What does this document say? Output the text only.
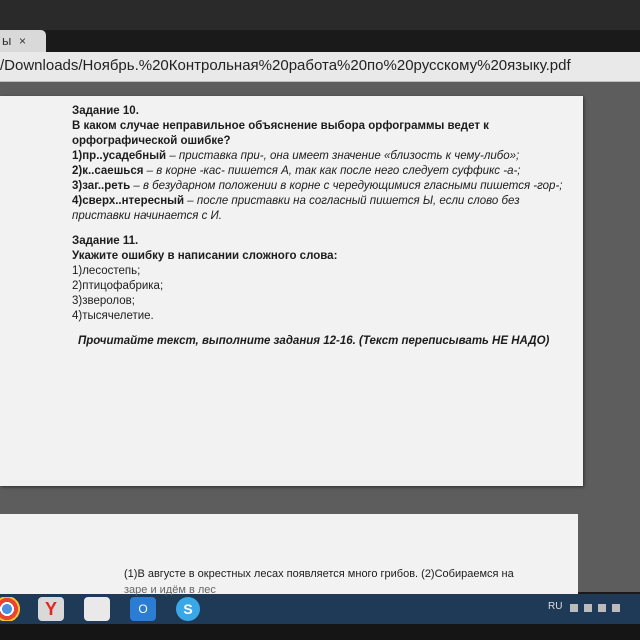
ы ×
/Downloads/Ноябрь.%20Контрольная%20работа%20по%20русскому%20языку.pdf
Задание 10.
В каком случае неправильное объяснение выбора орфограммы ведет к орфографической ошибке?
1)пр..усадебный – приставка при-, она имеет значение «близость к чему-либо»;
2)к..саешься – в корне -кас- пишется А, так как после него следует суффикс -а-;
3)заг..реть – в безударном положении в корне с чередующимися гласными пишется -гор-;
4)сверх..нтересный – после приставки на согласный пишется Ы, если слово без приставки начинается с И.
Задание 11.
Укажите ошибку в написании сложного слова:
1)лесостепь;
2)птицофабрика;
3)зверолов;
4)тысячелетие.
Прочитайте текст, выполните задания 12-16. (Текст переписывать НЕ НАДО)
(1)В августе в окрестных лесах появляется много грибов. (2)Собираемся на
Y	O	S	RU
заре и идём в лес
